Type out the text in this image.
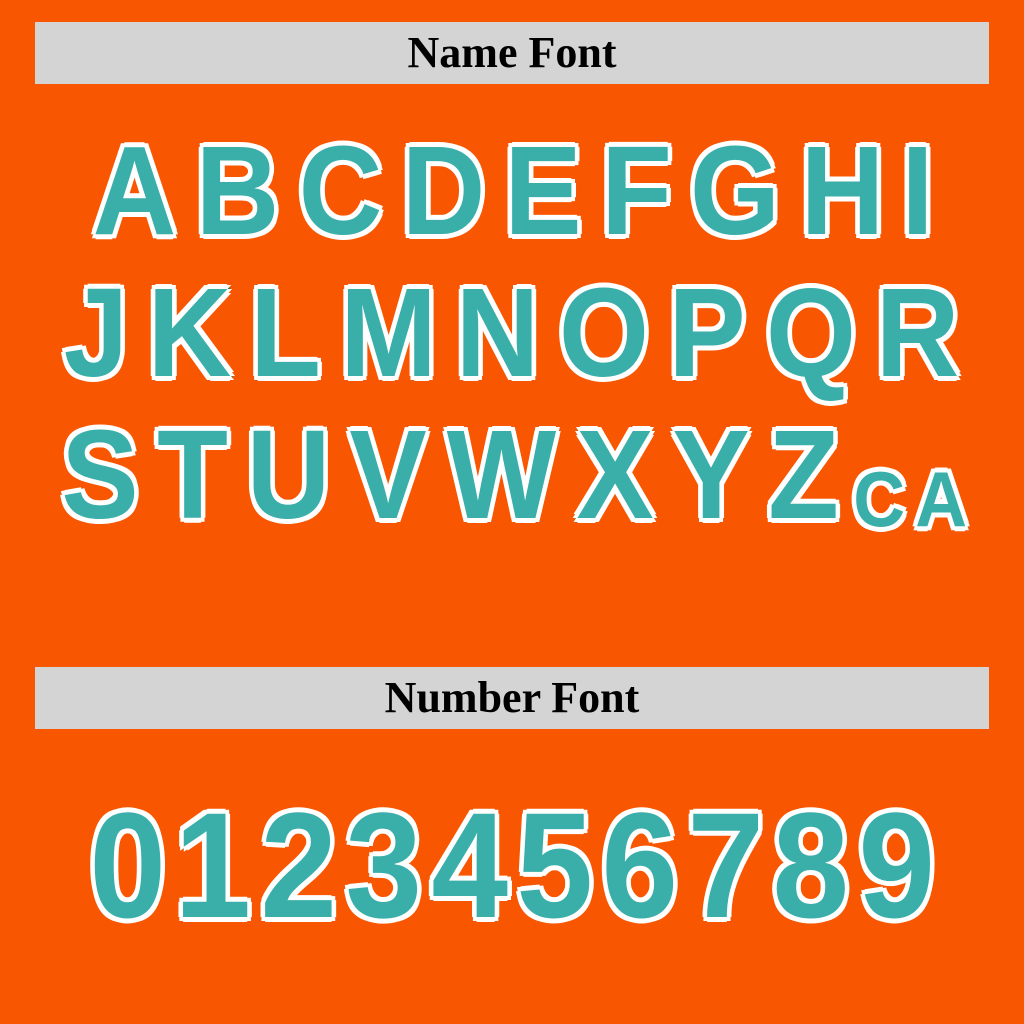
Name Font
A B C D E F G H I
J K L M N O P Q R
S T U V W X Y Z C A
Number Font
0 1 2 3 4 5 6 7 8 9
